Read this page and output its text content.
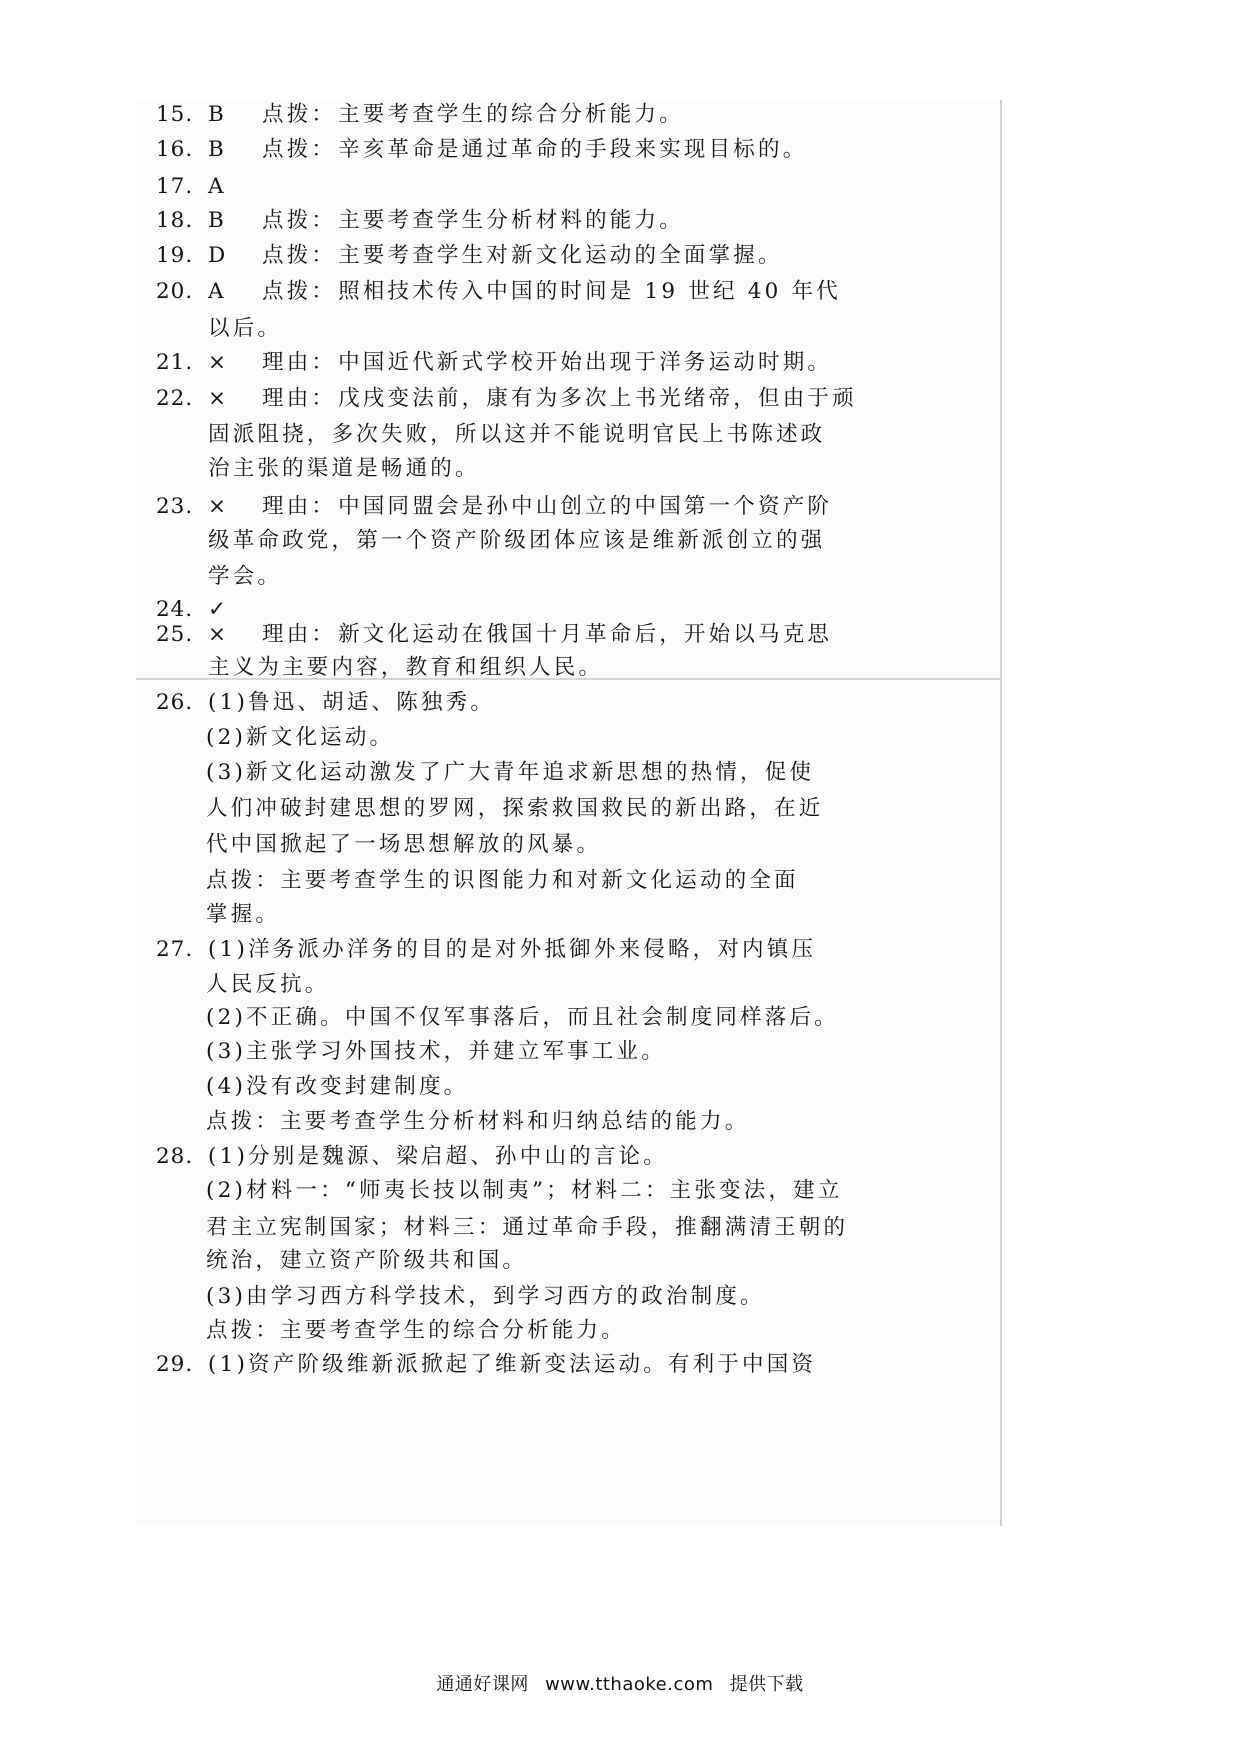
15. B 点拨：主要考查学生的综合分析能力。
16. B 点拨：辛亥革命是通过革命的手段来实现目标的。
17. A
18. B 点拨：主要考查学生分析材料的能力。
19. D 点拨：主要考查学生对新文化运动的全面掌握。
20. A 点拨：照相技术传入中国的时间是 19 世纪 40 年代
以后。
21. × 理由：中国近代新式学校开始出现于洋务运动时期。
22. × 理由：戊戌变法前，康有为多次上书光绪帝，但由于顽
固派阻挠，多次失败，所以这并不能说明官民上书陈述政
治主张的渠道是畅通的。
23. × 理由：中国同盟会是孙中山创立的中国第一个资产阶
级革命政党，第一个资产阶级团体应该是维新派创立的强
学会。
24. ✓
25. × 理由：新文化运动在俄国十月革命后，开始以马克思
主义为主要内容，教育和组织人民。
26. (1)鲁迅、胡适、陈独秀。
(2)新文化运动。
(3)新文化运动激发了广大青年追求新思想的热情，促使
人们冲破封建思想的罗网，探索救国救民的新出路，在近
代中国掀起了一场思想解放的风暴。
点拨：主要考查学生的识图能力和对新文化运动的全面
掌握。
27. (1)洋务派办洋务的目的是对外抵御外来侵略，对内镇压
人民反抗。
(2)不正确。中国不仅军事落后，而且社会制度同样落后。
(3)主张学习外国技术，并建立军事工业。
(4)没有改变封建制度。
点拨：主要考查学生分析材料和归纳总结的能力。
28. (1)分别是魏源、梁启超、孙中山的言论。
(2)材料一：“师夷长技以制夷”；材料二：主张变法，建立
君主立宪制国家；材料三：通过革命手段，推翻满清王朝的
统治，建立资产阶级共和国。
(3)由学习西方科学技术，到学习西方的政治制度。
点拨：主要考查学生的综合分析能力。
29. (1)资产阶级维新派掀起了维新变法运动。有利于中国资
通通好课网 www.tthaoke.com 提供下载
